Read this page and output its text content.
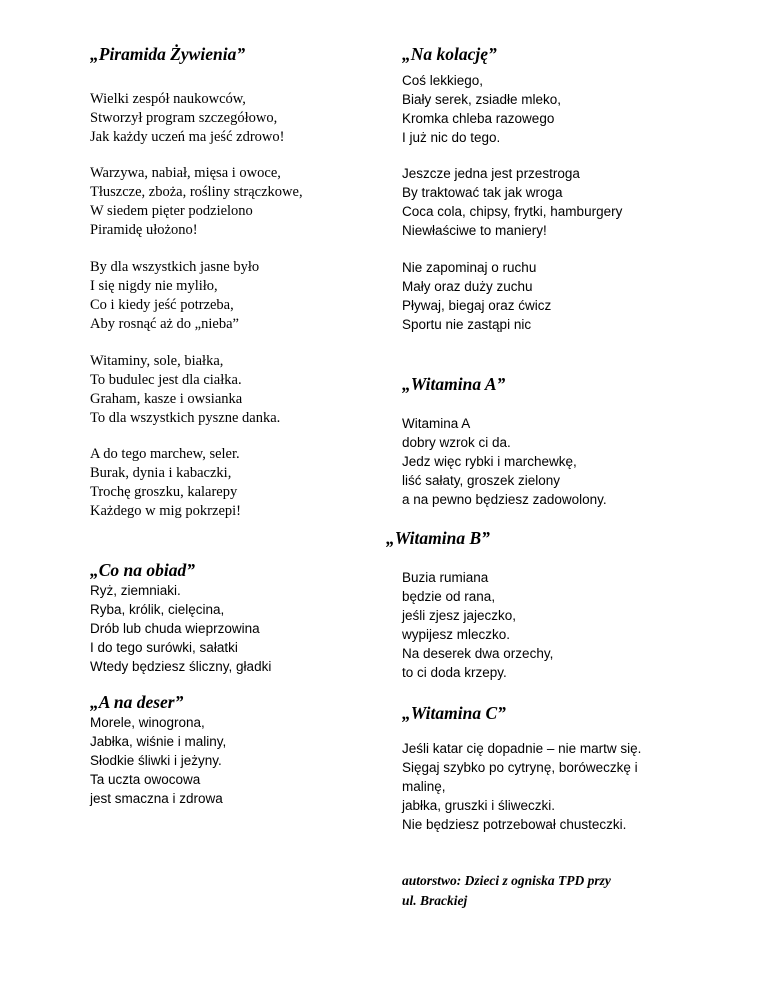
„Piramida Żywienia”
Wielki zespół naukowców,
Stworzył program szczegółowo,
Jak każdy uczeń ma jeść zdrowo!
Warzywa, nabiał, mięsa i owoce,
Tłuszcze, zboża, rośliny strączkowe,
W siedem pięter podzielono
Piramidę ułożono!
By dla wszystkich jasne było
I się nigdy nie myliło,
Co i kiedy jeść potrzeba,
Aby rosnąć aż do „nieba”
Witaminy, sole, białka,
To budulec jest dla ciałka.
Graham, kasze i owsianka
To dla wszystkich pyszne danka.
A do tego marchew, seler.
Burak, dynia i kabaczki,
Trochę groszku, kalarepy
Każdego w mig pokrzepi!
„Co na obiad”
Ryż, ziemniaki.
Ryba, królik, cielęcina,
Drób lub chuda wieprzowina
I do tego surówki, sałatki
Wtedy będziesz śliczny, gładki
„A na deser”
Morele, winogrona,
Jabłka, wiśnie i maliny,
Słodkie śliwki i jeżyny.
Ta uczta owocowa
jest smaczna i zdrowa
„Na kolację”
Coś lekkiego,
Biały serek, zsiadłe mleko,
Kromka chleba razowego
I już nic do tego.
Jeszcze jedna jest przestroga
By traktować tak jak wroga
Coca cola, chipsy, frytki, hamburgery
Niewłaściwe to maniery!
Nie zapominaj o ruchu
Mały oraz duży zuchu
Pływaj, biegaj oraz ćwicz
Sportu nie zastąpi nic
„Witamina A”
Witamina A
dobry wzrok ci da.
Jedz więc rybki i marchewkę,
liść sałaty, groszek zielony
a na pewno będziesz zadowolony.
„Witamina B”
Buzia rumiana
będzie od rana,
jeśli zjesz jajeczko,
wypijesz mleczko.
Na deserek dwa orzechy,
to ci doda krzepy.
„Witamina C”
Jeśli katar cię dopadnie – nie martw się.
Sięgaj szybko po cytrynę, boróweczkę i
malinę,
jabłka, gruszki i śliweczki.
Nie będziesz potrzebował chusteczki.
autorstwo: Dzieci z ogniska TPD przy
ul. Brackiej
